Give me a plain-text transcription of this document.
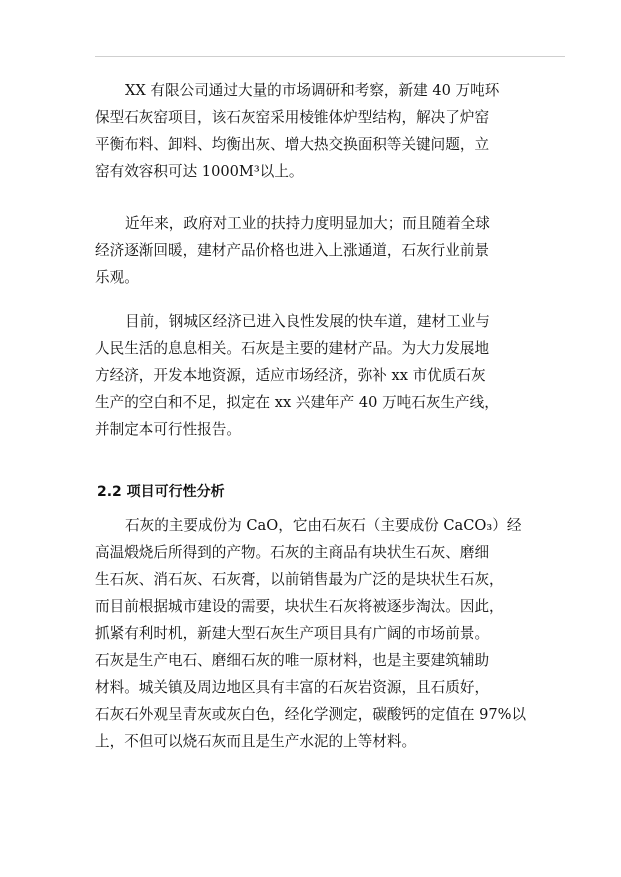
XX 有限公司通过大量的市场调研和考察，新建 40 万吨环
保型石灰窑项目，该石灰窑采用棱锥体炉型结构，解决了炉窑
平衡布料、卸料、均衡出灰、增大热交换面积等关键问题，立
窑有效容积可达 1000M³以上。
近年来，政府对工业的扶持力度明显加大；而且随着全球
经济逐渐回暖，建材产品价格也进入上涨通道，石灰行业前景
乐观。
目前，钢城区经济已进入良性发展的快车道，建材工业与
人民生活的息息相关。石灰是主要的建材产品。为大力发展地
方经济，开发本地资源，适应市场经济，弥补 xx 市优质石灰
生产的空白和不足，拟定在 xx 兴建年产 40 万吨石灰生产线，
并制定本可行性报告。
2.2 项目可行性分析
石灰的主要成份为 CaO，它由石灰石（主要成份 CaCO₃）经
高温煅烧后所得到的产物。石灰的主商品有块状生石灰、磨细
生石灰、消石灰、石灰膏，以前销售最为广泛的是块状生石灰，
而目前根据城市建设的需要，块状生石灰将被逐步淘汰。因此，
抓紧有利时机，新建大型石灰生产项目具有广阔的市场前景。
石灰是生产电石、磨细石灰的唯一原材料，也是主要建筑辅助
材料。城关镇及周边地区具有丰富的石灰岩资源，且石质好，
石灰石外观呈青灰或灰白色，经化学测定，碳酸钙的定值在 97%以
上，不但可以烧石灰而且是生产水泥的上等材料。
